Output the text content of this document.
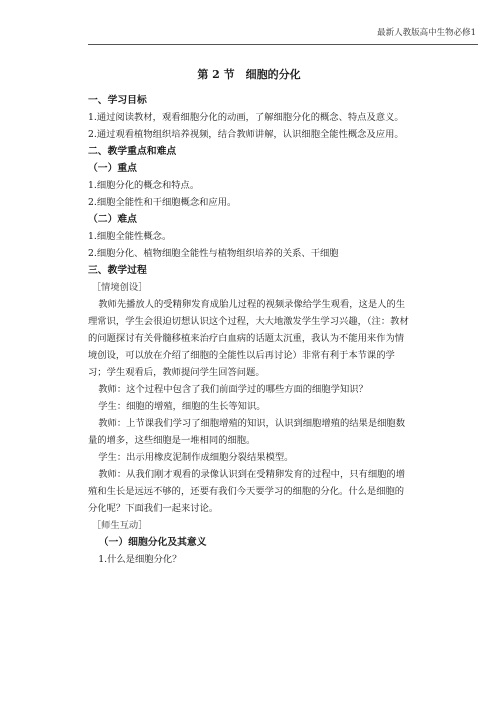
最新人教版高中生物必修1
第 2 节　细胞的分化
一、学习目标
1.通过阅读教材，观看细胞分化的动画，了解细胞分化的概念、特点及意义。
2.通过观看植物组织培养视频，结合教师讲解，认识细胞全能性概念及应用。
二、教学重点和难点
（一）重点
1.细胞分化的概念和特点。
2.细胞全能性和干细胞概念和应用。
（二）难点
1.细胞全能性概念。
2.细胞分化、植物细胞全能性与植物组织培养的关系、干细胞
三、教学过程
［情境创设］
教师先播放人的受精卵发育成胎儿过程的视频录像给学生观看，这是人的生理常识，学生会很迫切想认识这个过程，大大地激发学生学习兴趣，（注：教材的问题探讨有关骨髓移植来治疗白血病的话题太沉重，我认为不能用来作为情境创设，可以放在介绍了细胞的全能性以后再讨论）非常有利于本节课的学习；学生观看后，教师提问学生回答问题。
教师：这个过程中包含了我们前面学过的哪些方面的细胞学知识？
学生：细胞的增殖，细胞的生长等知识。
教师：上节课我们学习了细胞增殖的知识，认识到细胞增殖的结果是细胞数量的增多，这些细胞是一堆相同的细胞。
学生：出示用橡皮泥制作成细胞分裂结果模型。
教师：从我们刚才观看的录像认识到在受精卵发育的过程中，只有细胞的增殖和生长是远远不够的，还要有我们今天要学习的细胞的分化。什么是细胞的分化呢？下面我们一起来讨论。
［师生互动］
（一）细胞分化及其意义
1.什么是细胞分化？
